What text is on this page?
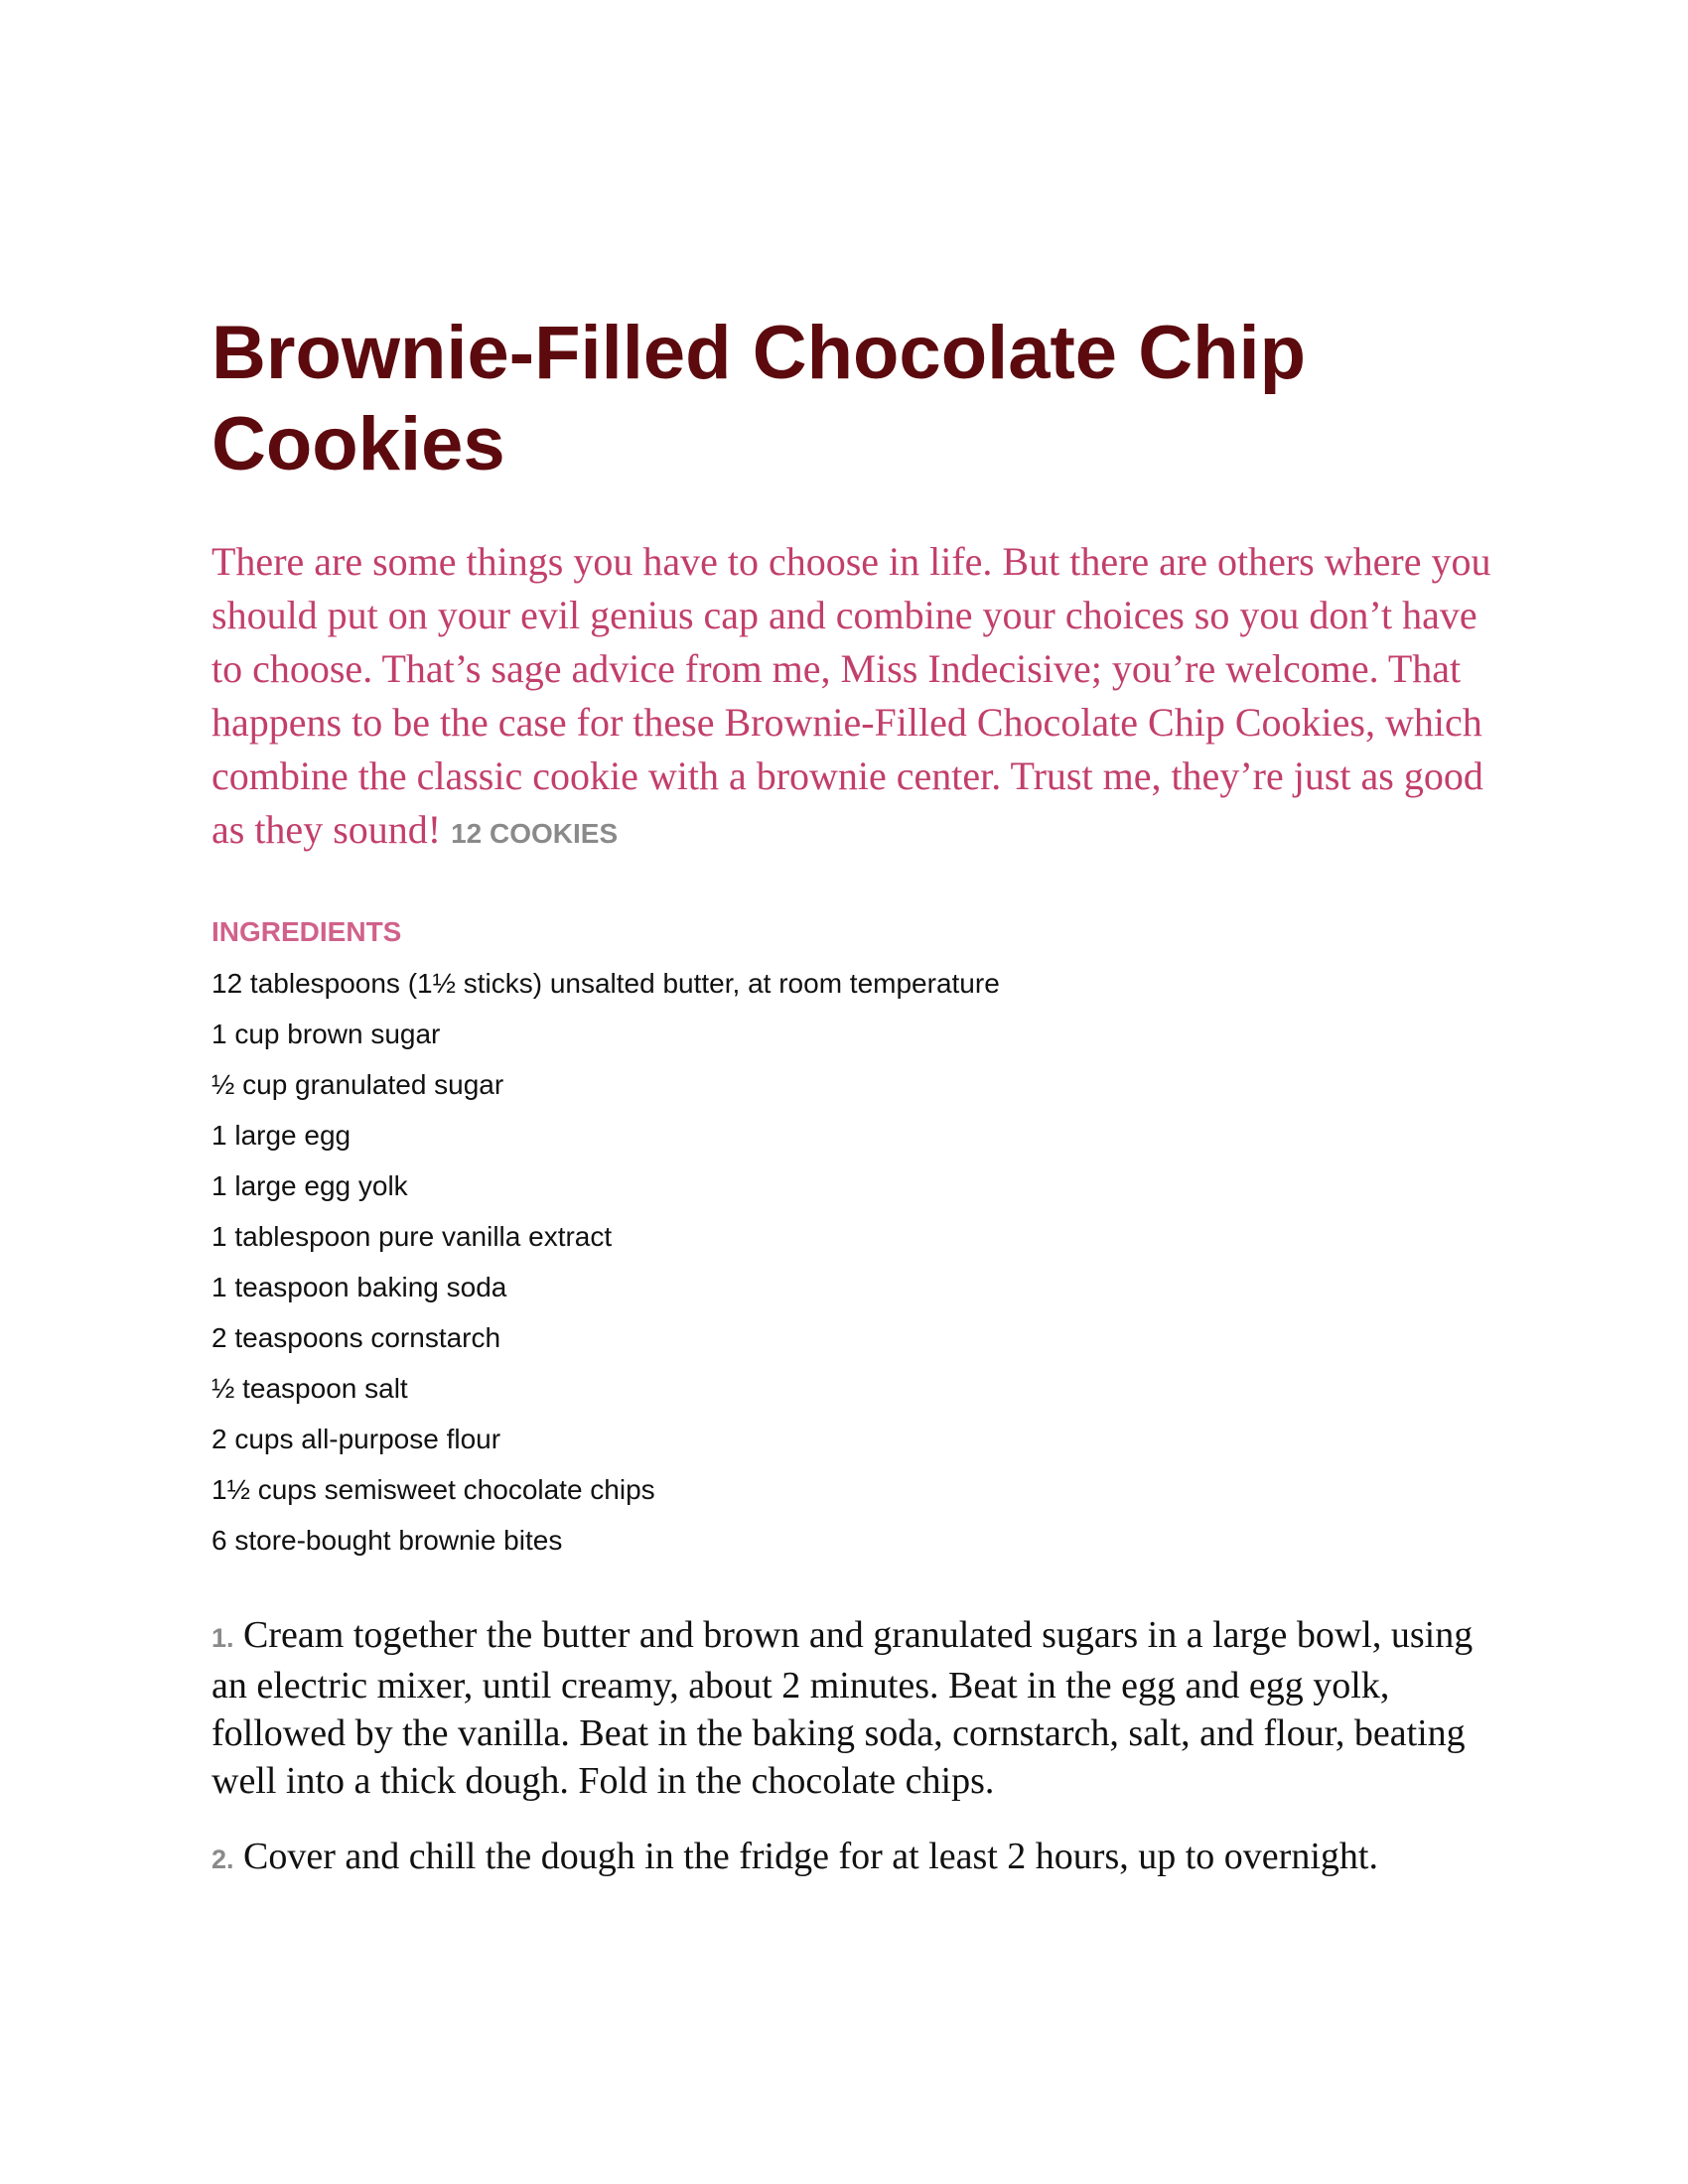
Brownie-Filled Chocolate Chip Cookies

There are some things you have to choose in life. But there are others where you should put on your evil genius cap and combine your choices so you don’t have to choose. That’s sage advice from me, Miss Indecisive; you’re welcome. That happens to be the case for these Brownie-Filled Chocolate Chip Cookies, which combine the classic cookie with a brownie center. Trust me, they’re just as good as they sound! 12 COOKIES

INGREDIENTS
12 tablespoons (1½ sticks) unsalted butter, at room temperature
1 cup brown sugar
½ cup granulated sugar
1 large egg
1 large egg yolk
1 tablespoon pure vanilla extract
1 teaspoon baking soda
2 teaspoons cornstarch
½ teaspoon salt
2 cups all-purpose flour
1½ cups semisweet chocolate chips
6 store-bought brownie bites
1. Cream together the butter and brown and granulated sugars in a large bowl, using an electric mixer, until creamy, about 2 minutes. Beat in the egg and egg yolk, followed by the vanilla. Beat in the baking soda, cornstarch, salt, and flour, beating well into a thick dough. Fold in the chocolate chips.
2. Cover and chill the dough in the fridge for at least 2 hours, up to overnight.
